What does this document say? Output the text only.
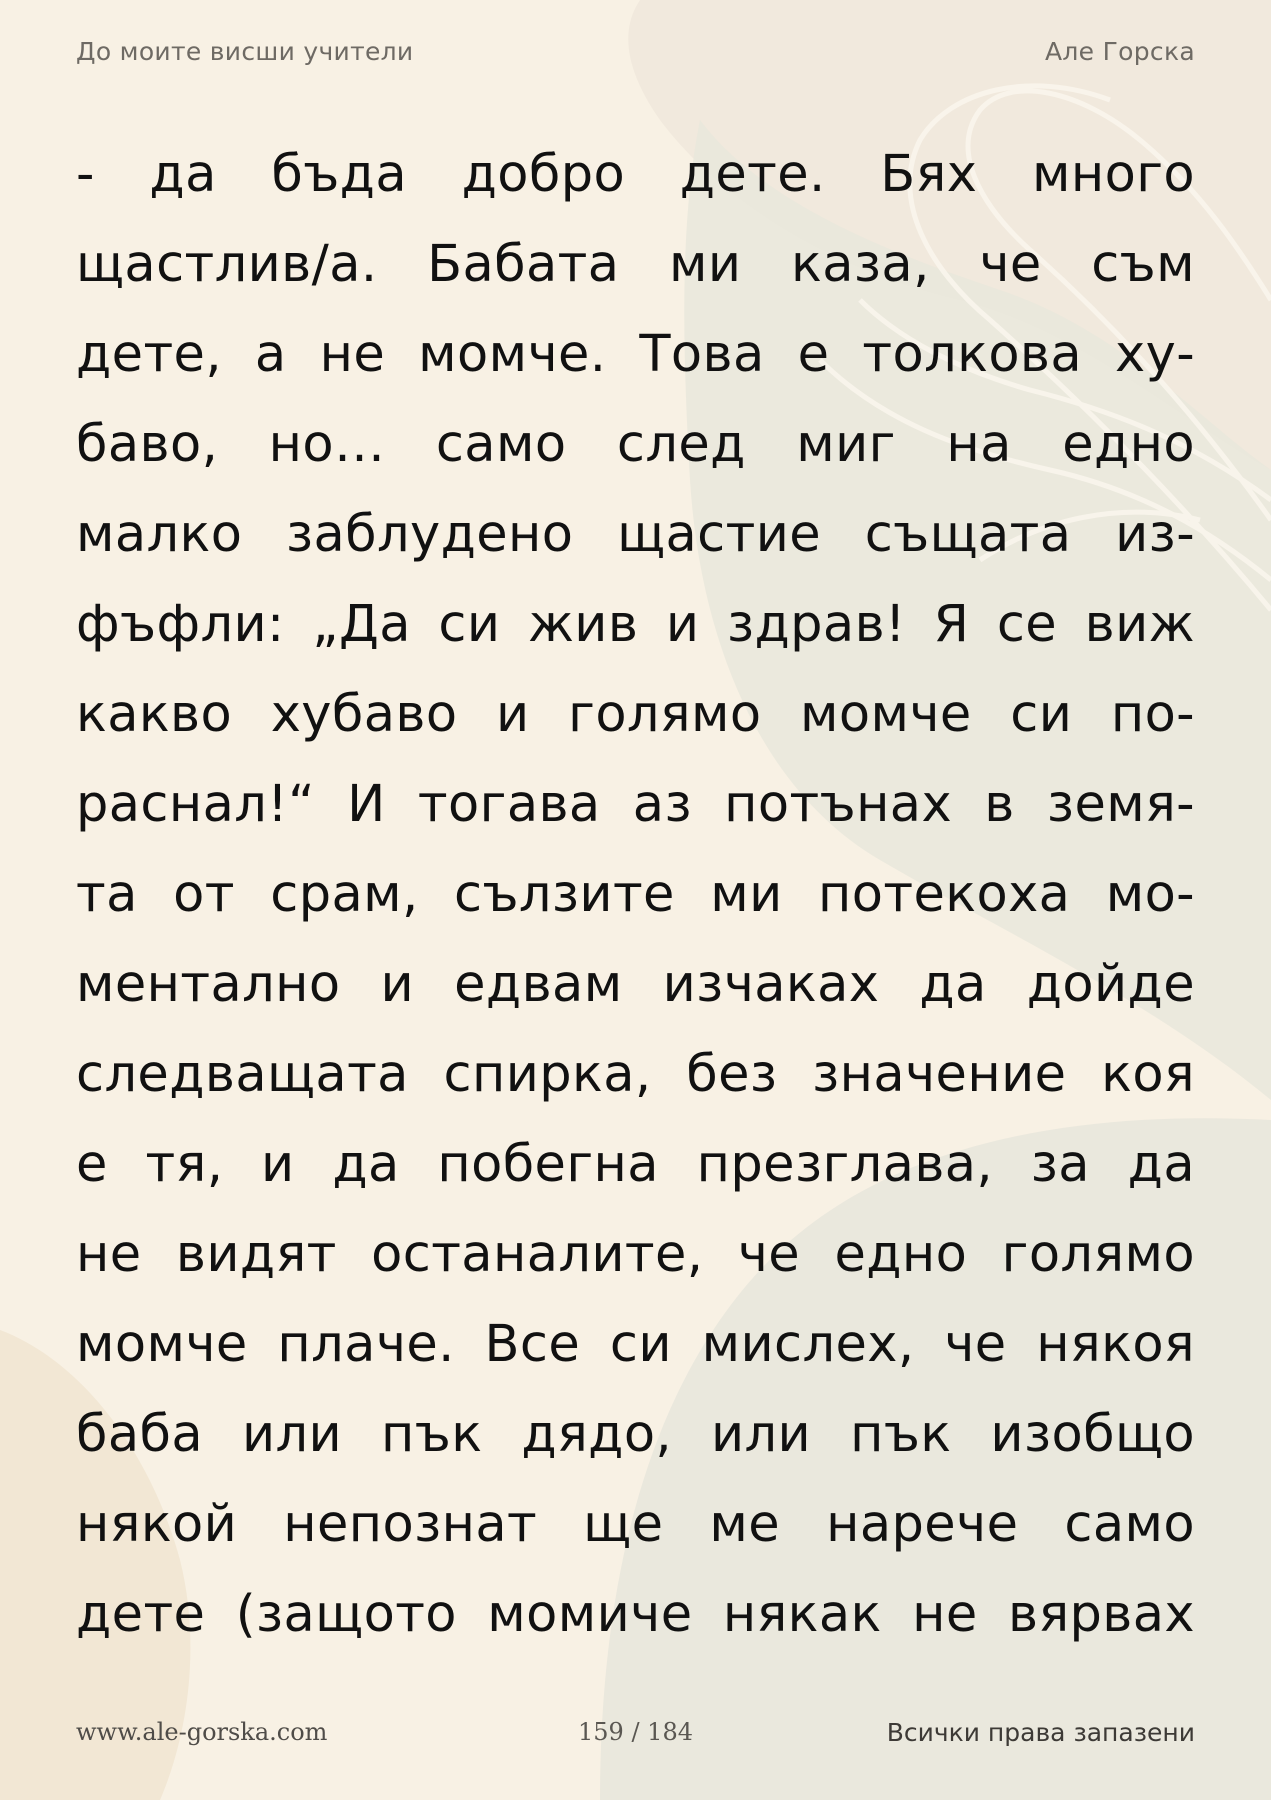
До моите висши учители	Але Горска
- да бъда добро дете. Бях много
щастлив/а. Бабата ми каза, че съм
дете, а не момче. Това е толкова ху-
баво, но… само след миг на едно
малко заблудено щастие същата из-
фъфли: „Да си жив и здрав! Я се виж
какво хубаво и голямо момче си по-
раснал!“ И тогава аз потънах в земя-
та от срам, сълзите ми потекоха мо-
ментално и едвам изчаках да дойде
следващата спирка, без значение коя
е тя, и да побегна презглава, за да
не видят останалите, че едно голямо
момче плаче. Все си мислех, че някоя
баба или пък дядо, или пък изобщо
някой непознат ще ме нарече само
дете (защото момиче някак не вярвах
www.ale-gorska.com	159 / 184	Всички права запазени
